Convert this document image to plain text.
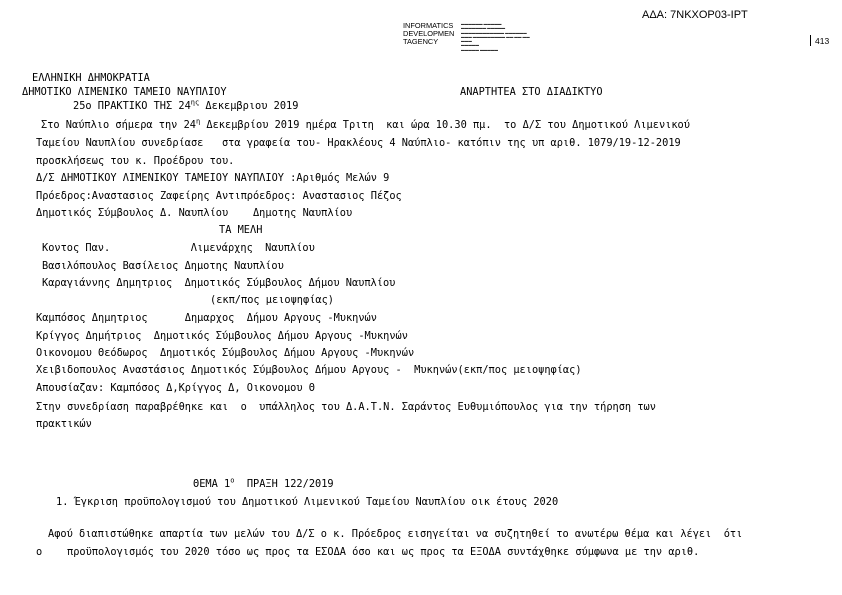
ΑΔΑ: 7ΝΚΧΟΡ03-ΙΡΤ
INFORMATICS
DEVELOPMEN
TAGENCY
▬▬▬▬▬▬ ▬▬▬▬▬
▬▬▬▬▬▬▬ ▬▬▬▬▬
▬▬▬▬▬▬▬▬▬▬▬▬ ▬▬▬▬▬▬
▬▬▬ ▬▬▬▬▬▬▬▬▬ ▬▬ ▬▬ ▬▬
▬▬▬
▬▬▬▬▬
▬▬▬▬▬ ▬▬▬▬▬
413
ΕΛΛΗΝΙΚΗ ΔΗΜΟΚΡΑΤΙΑ
ΔΗΜΟΤΙΚΟ ΛΙΜΕΝΙΚΟ ΤΑΜΕΙΟ ΝΑΥΠΛΙΟΥ	ΑΝΑΡΤΗΤΕΑ ΣΤΟ ΔΙΑΔΙΚΤΥΟ
25ο ΠΡΑΚΤΙΚΟ ΤΗΣ $24^{\eta\varsigma}$ Δεκεμβριου 2019
Στο Ναύπλιο σήμερα την $24^\eta$ Δεκεμβρίου 2019 ημέρα Τριτη  και ώρα 10.30 πμ.  το Δ/Σ του Δημοτικού Λιμενικού
Ταμείου Ναυπλίου συνεδρίασε   στα γραφεία του- Ηρακλέους 4 Ναύπλιο- κατόπιν της υπ αριθ. 1079/19-12-2019
προσκλήσεως του κ. Προέδρου του.
Δ/Σ ΔΗΜΟΤΙΚΟΥ ΛΙΜΕΝΙΚΟΥ ΤΑΜΕΙΟΥ ΝΑΥΠΛΙΟΥ :Αριθμός Μελών 9
Πρόεδρος:Αναστασιος Ζαφείρης Αντιπρόεδρος: Αναστασιος Πέζος
Δημοτικός Σύμβουλος Δ. Ναυπλίου    Δημοτης Ναυπλίου
ΤΑ ΜΕΛΗ
Κοντος Παν.             Λιμενάρχης  Ναυπλίου
Βασιλόπουλος Βασίλειος Δημοτης Ναυπλίου
Καραγιάννης Δημητριος  Δημοτικός Σύμβουλος Δήμου Ναυπλίου
(εκπ/πος μειοψηφίας)
Καμπόσος Δημητριος      Δημαρχος  Δήμου Αργους -Μυκηνών
Κρίγγος Δημήτριος  Δημοτικός Σύμβουλος Δήμου Αργους -Μυκηνών
Οικονομου Θεόδωρος  Δημοτικός Σύμβουλος Δήμου Αργους -Μυκηνών
Χειβιδοπουλος Αναστάσιος Δημοτικός Σύμβουλος Δήμου Αργους -  Μυκηνών(εκπ/πος μειοψηφίας)
Απουσίαζαν: Καμπόσος Δ,Κρίγγος Δ, Οικονομου Θ
Στην συνεδρίαση παραβρέθηκε και  ο  υπάλληλος του Δ.Α.Τ.Ν. Σαράντος Ευθυμιόπουλος για την τήρηση των
πρακτικών
ΘΕΜΑ $1^o$  ΠΡΑΞΗ 122/2019
1. Έγκριση προϋπολογισμού του Δημοτικού Λιμενικού Ταμείου Ναυπλίου οικ έτους 2020
Αφού διαπιστώθηκε απαρτία των μελών του Δ/Σ ο κ. Πρόεδρος εισηγείται να συζητηθεί το ανωτέρω θέμα και λέγει  ότι
ο    προϋπολογισμός του 2020 τόσο ως προς τα ΕΣΟΔΑ όσο και ως προς τα ΕΞΟΔΑ συντάχθηκε σύμφωνα με την αριθ.
